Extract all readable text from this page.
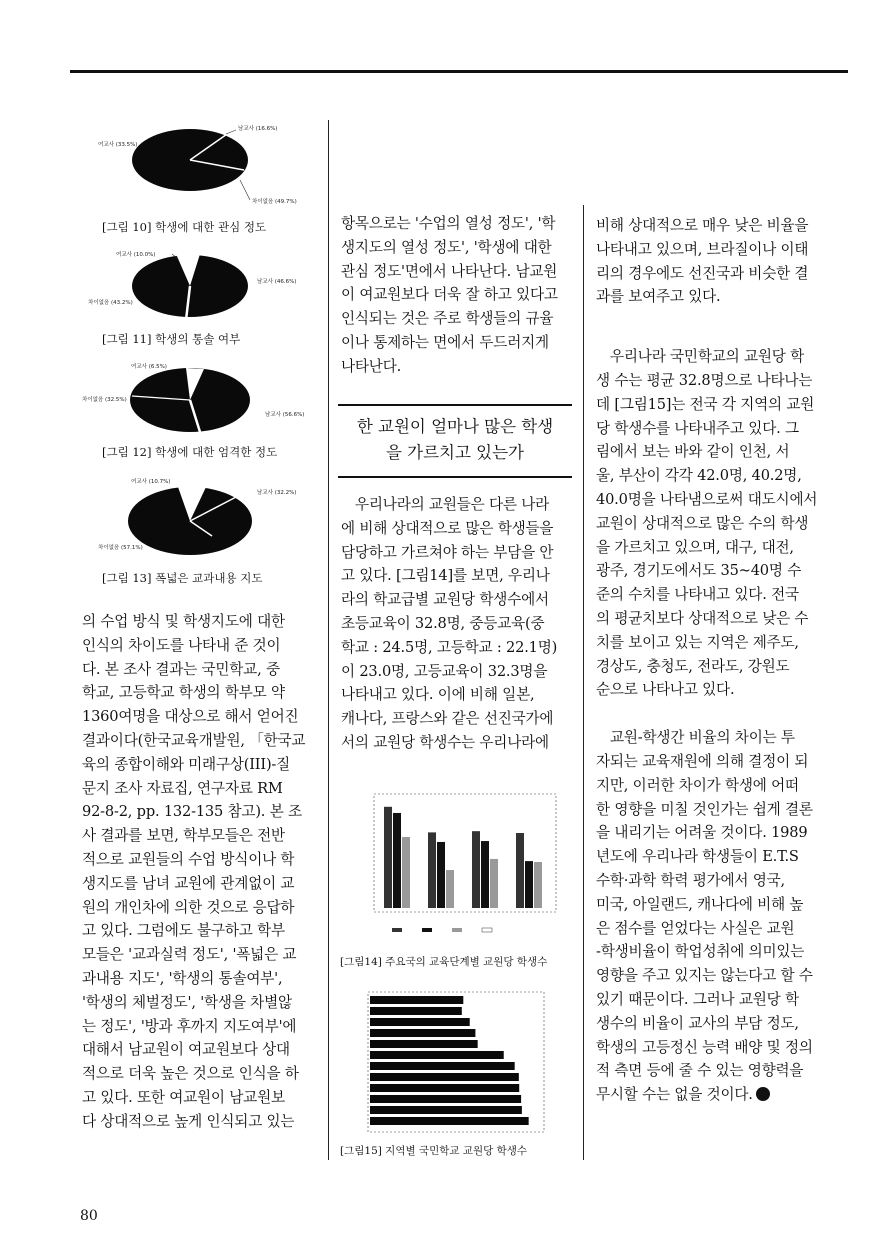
남교사 (16.6%)
여교사 (33.5%)
차이없음 (49.7%)
[그림 10] 학생에 대한 관심 정도
여교사 (10.0%)
남교사 (46.6%)
차이없음 (43.2%)
[그림 11] 학생의 통솔 여부
여교사 (6.5%)
차이없음 (32.5%)
남교사 (56.6%)
[그림 12] 학생에 대한 엄격한 정도
여교사 (10.7%)
남교사 (32.2%)
차이없음 (57.1%)
[그림 13] 폭넓은 교과내용 지도

의 수업 방식 및 학생지도에 대한

인식의 차이도를 나타내 준 것이

다. 본 조사 결과는 국민학교, 중

학교, 고등학교 학생의 학부모 약

1360여명을 대상으로 해서 얻어진

결과이다(한국교육개발원, 「한국교

육의 종합이해와 미래구상(III)-질

문지 조사 자료집, 연구자료 RM

92-8-2, pp. 132-135 참고). 본 조

사 결과를 보면, 학부모들은 전반

적으로 교원들의 수업 방식이나 학

생지도를 남녀 교원에 관계없이 교

원의 개인차에 의한 것으로 응답하

고 있다. 그럼에도 불구하고 학부

모들은 '교과실력 정도', '폭넓은 교

과내용 지도', '학생의 통솔여부',

'학생의 체벌정도', '학생을 차별않

는 정도', '방과 후까지 지도여부'에

대해서 남교원이 여교원보다 상대

적으로 더욱 높은 것으로 인식을 하

고 있다. 또한 여교원이 남교원보

다 상대적으로 높게 인식되고 있는

항목으로는 '수업의 열성 정도', '학

생지도의 열성 정도', '학생에 대한

관심 정도'면에서 나타난다. 남교원

이 여교원보다 더욱 잘 하고 있다고

인식되는 것은 주로 학생들의 규율

이나 통제하는 면에서 두드러지게

나타난다.

한 교원이 얼마나 많은 학생
을 가르치고 있는가

우리나라의 교원들은 다른 나라

에 비해 상대적으로 많은 학생들을

담당하고 가르쳐야 하는 부담을 안

고 있다. [그림14]를 보면, 우리나

라의 학교급별 교원당 학생수에서

초등교육이 32.8명, 중등교육(중

학교 : 24.5명, 고등학교 : 22.1명)

이 23.0명, 고등교육이 32.3명을

나타내고 있다. 이에 비해 일본,

캐나다, 프랑스와 같은 선진국가에

서의 교원당 학생수는 우리나라에

[그림14] 주요국의 교육단계별 교원당 학생수
[그림15] 지역별 국민학교 교원당 학생수

비해 상대적으로 매우 낮은 비율을

나타내고 있으며, 브라질이나 이태

리의 경우에도 선진국과 비슷한 결

과를 보여주고 있다.

우리나라 국민학교의 교원당 학

생 수는 평균 32.8명으로 나타나는

데 [그림15]는 전국 각 지역의 교원

당 학생수를 나타내주고 있다. 그

림에서 보는 바와 같이 인천, 서

울, 부산이 각각 42.0명, 40.2명,

40.0명을 나타냄으로써 대도시에서

교원이 상대적으로 많은 수의 학생

을 가르치고 있으며, 대구, 대전,

광주, 경기도에서도 35~40명 수

준의 수치를 나타내고 있다. 전국

의 평균치보다 상대적으로 낮은 수

치를 보이고 있는 지역은 제주도,

경상도, 충청도, 전라도, 강원도

순으로 나타나고 있다.

교원-학생간 비율의 차이는 투

자되는 교육재원에 의해 결정이 되

지만, 이러한 차이가 학생에 어떠

한 영향을 미칠 것인가는 쉽게 결론

을 내리기는 어려울 것이다. 1989

년도에 우리나라 학생들이 E.T.S

수학·과학 학력 평가에서 영국,

미국, 아일랜드, 캐나다에 비해 높

은 점수를 얻었다는 사실은 교원

-학생비율이 학업성취에 의미있는

영향을 주고 있지는 않는다고 할 수

있기 때문이다. 그러나 교원당 학

생수의 비율이 교사의 부담 정도,

학생의 고등정신 능력 배양 및 정의

적 측면 등에 줄 수 있는 영향력을

무시할 수는 없을 것이다.

80
